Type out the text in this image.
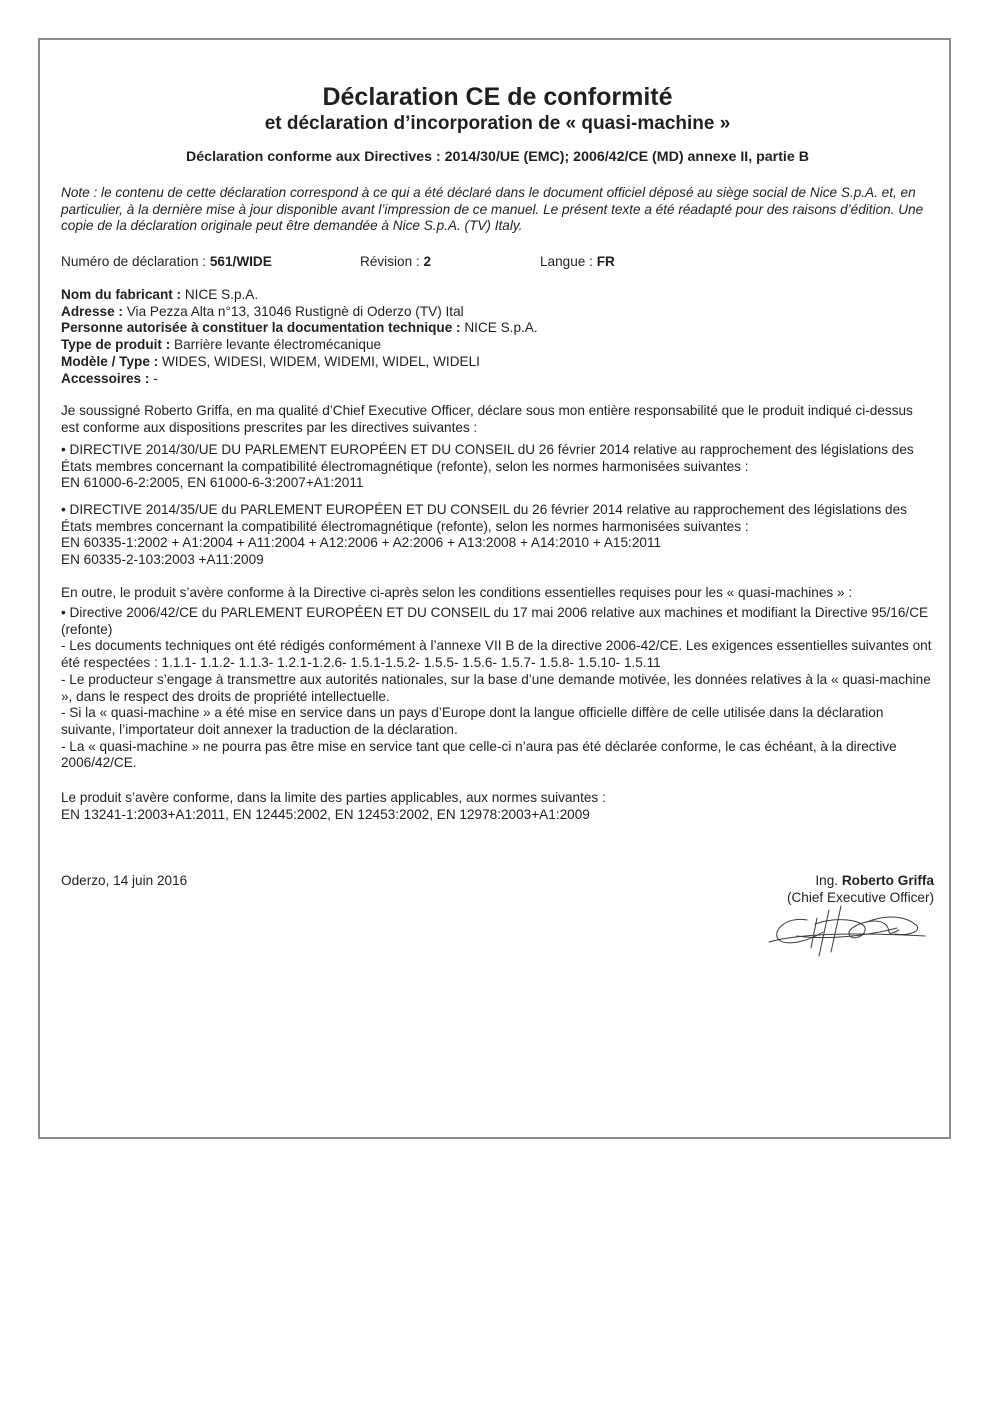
Déclaration CE de conformité
et déclaration d’incorporation de « quasi-machine »
Déclaration conforme aux Directives : 2014/30/UE (EMC); 2006/42/CE (MD) annexe II, partie B

Note : le contenu de cette déclaration correspond à ce qui a été déclaré dans le document officiel déposé au siège social de Nice S.p.A. et, en particulier, à la dernière mise à jour disponible avant l’impression de ce manuel. Le présent texte a été réadapté pour des raisons d’édition. Une copie de la déclaration originale peut être demandée à Nice S.p.A. (TV) Italy.

Numéro de déclaration : 561/WIDE	Révision : 2	Langue : FR
Nom du fabricant : NICE S.p.A.
Adresse : Via Pezza Alta n°13, 31046 Rustignè di Oderzo (TV) Ital
Personne autorisée à constituer la documentation technique : NICE S.p.A.
Type de produit : Barrière levante électromécanique
Modèle / Type : WIDES, WIDESI, WIDEM, WIDEMI, WIDEL, WIDELI
Accessoires : -

Je soussigné Roberto Griffa, en ma qualité d’Chief Executive Officer, déclare sous mon entière responsabilité que le produit indiqué ci-dessus est conforme aux dispositions prescrites par les directives suivantes :

• DIRECTIVE 2014/30/UE DU PARLEMENT EUROPÉEN ET DU CONSEIL dU 26 février 2014 relative au rapprochement des législations des États membres concernant la compatibilité électromagnétique (refonte), selon les normes harmonisées suivantes :
EN 61000-6-2:2005, EN 61000-6-3:2007+A1:2011
• DIRECTIVE 2014/35/UE du PARLEMENT EUROPÉEN ET DU CONSEIL du 26 février 2014 relative au rapprochement des législations des États membres concernant la compatibilité électromagnétique (refonte), selon les normes harmonisées suivantes :
EN 60335-1:2002 + A1:2004 + A11:2004 + A12:2006 + A2:2006 + A13:2008 + A14:2010 + A15:2011
EN 60335-2-103:2003 +A11:2009

En outre, le produit s’avère conforme à la Directive ci-après selon les conditions essentielles requises pour les « quasi-machines » :

• Directive 2006/42/CE du PARLEMENT EUROPÉEN ET DU CONSEIL du 17 mai 2006 relative aux machines et modifiant la Directive 95/16/CE (refonte)
- Les documents techniques ont été rédigés conformément à l’annexe VII B de la directive 2006-42/CE. Les exigences essentielles suivantes ont été respectées : 1.1.1- 1.1.2- 1.1.3- 1.2.1-1.2.6- 1.5.1-1.5.2- 1.5.5- 1.5.6- 1.5.7- 1.5.8- 1.5.10- 1.5.11
- Le producteur s’engage à transmettre aux autorités nationales, sur la base d’une demande motivée, les données relatives à la « quasi-machine », dans le respect des droits de propriété intellectuelle.
- Si la « quasi-machine » a été mise en service dans un pays d’Europe dont la langue officielle diffère de celle utilisée dans la déclaration suivante, l’importateur doit annexer la traduction de la déclaration.
- La « quasi-machine » ne pourra pas être mise en service tant que celle-ci n’aura pas été déclarée conforme, le cas échéant, à la directive 2006/42/CE.
Le produit s’avère conforme, dans la limite des parties applicables, aux normes suivantes :
EN 13241-1:2003+A1:2011, EN 12445:2002, EN 12453:2002, EN 12978:2003+A1:2009
Oderzo, 14 juin 2016	Ing. Roberto Griffa
(Chief Executive Officer)
